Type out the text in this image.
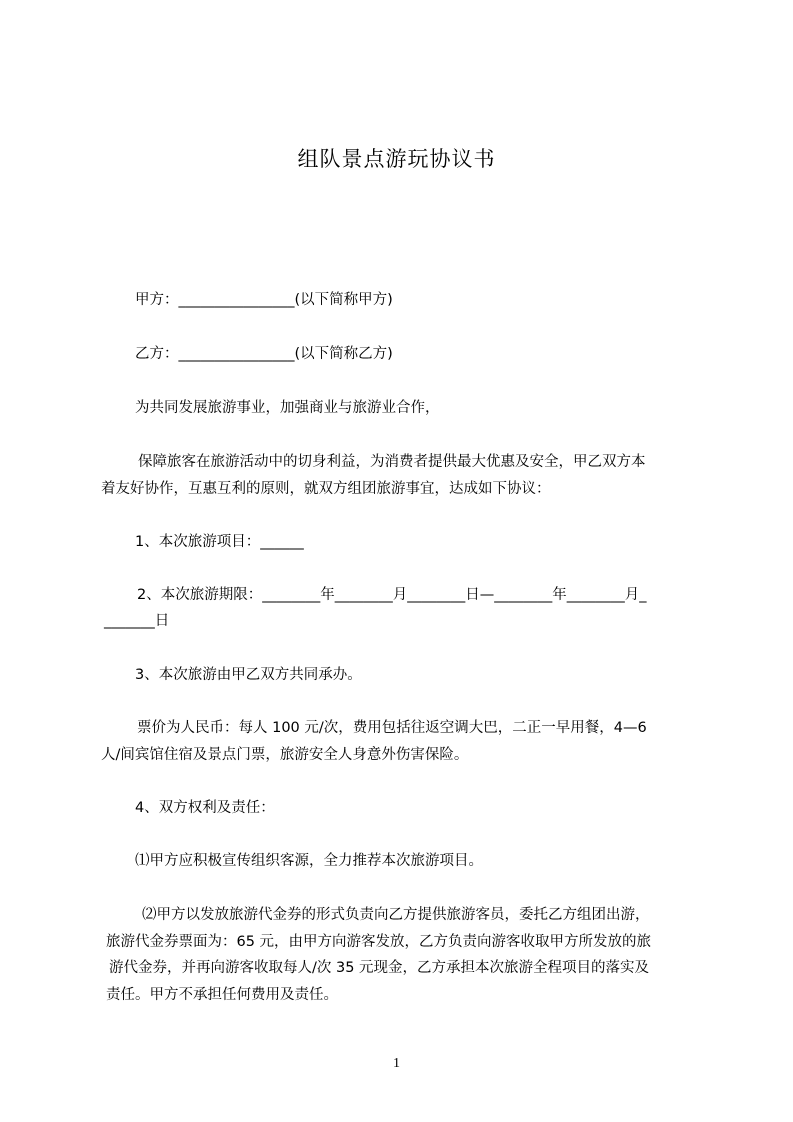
组队景点游玩协议书
甲方：________________(以下简称甲方)
乙方：________________(以下简称乙方)
为共同发展旅游事业，加强商业与旅游业合作，
保障旅客在旅游活动中的切身利益，为消费者提供最大优惠及安全，甲乙双方本
着友好协作，互惠互利的原则，就双方组团旅游事宜，达成如下协议：
1、本次旅游项目：______
2、本次旅游期限：________年________月________日—________年________月_
_______日
3、本次旅游由甲乙双方共同承办。
票价为人民币：每人 100 元/次，费用包括往返空调大巴，二正一早用餐，4—6
人/间宾馆住宿及景点门票，旅游安全人身意外伤害保险。
4、双方权利及责任：
⑴甲方应积极宣传组织客源，全力推荐本次旅游项目。
⑵甲方以发放旅游代金券的形式负责向乙方提供旅游客员，委托乙方组团出游，
旅游代金券票面为：65 元，由甲方向游客发放，乙方负责向游客收取甲方所发放的旅
游代金券，并再向游客收取每人/次 35 元现金，乙方承担本次旅游全程项目的落实及
责任。甲方不承担任何费用及责任。
1
